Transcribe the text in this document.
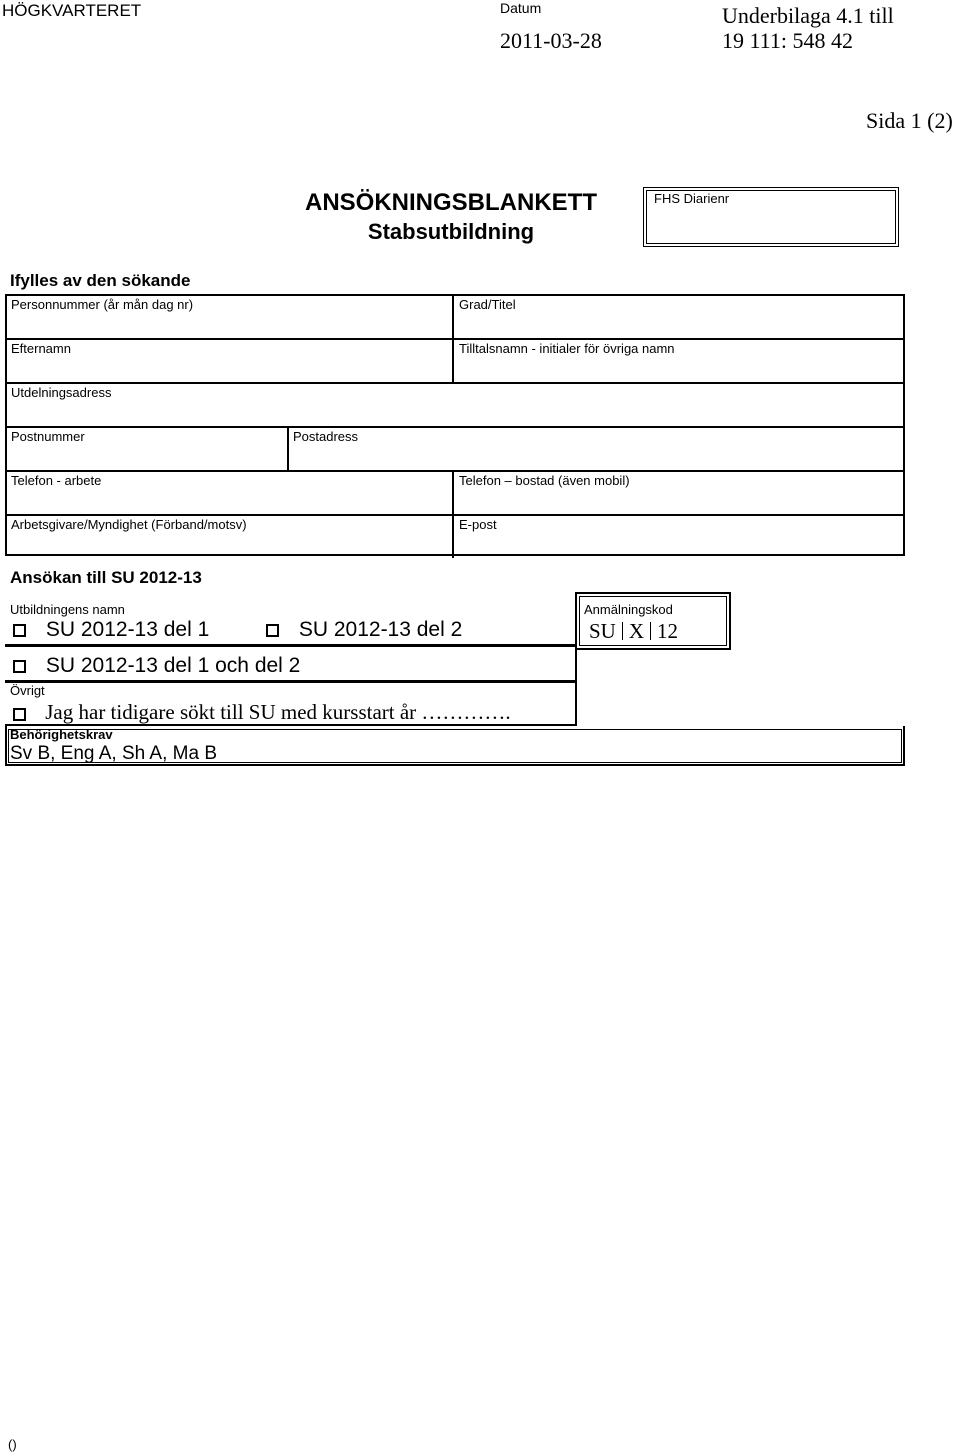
HÖGKVARTERET	Datum
2011-03-28
Underbilaga 4.1 till
19 111: 548 42
Sida 1 (2)
ANSÖKNINGSBLANKETT
Stabsutbildning
FHS Diarienr
Ifylles av den sökande
Personnummer (år mån dag nr)	Grad/Titel
Efternamn	Tilltalsnamn - initialer för övriga namn
Utdelningsadress
Postnummer	Postadress
Telefon - arbete	Telefon – bostad (även mobil)
Arbetsgivare/Myndighet (Förband/motsv)	E-post
Ansökan till SU 2012-13
Utbildningens namn
SU 2012-13 del 1	SU 2012-13 del 2
SU 2012-13 del 1 och del 2
Övrigt
Jag har tidigare sökt till SU med kursstart år ………….
Behörighetskrav
Sv B, Eng A, Sh A, Ma B
Anmälningskod
SU X 12
()
